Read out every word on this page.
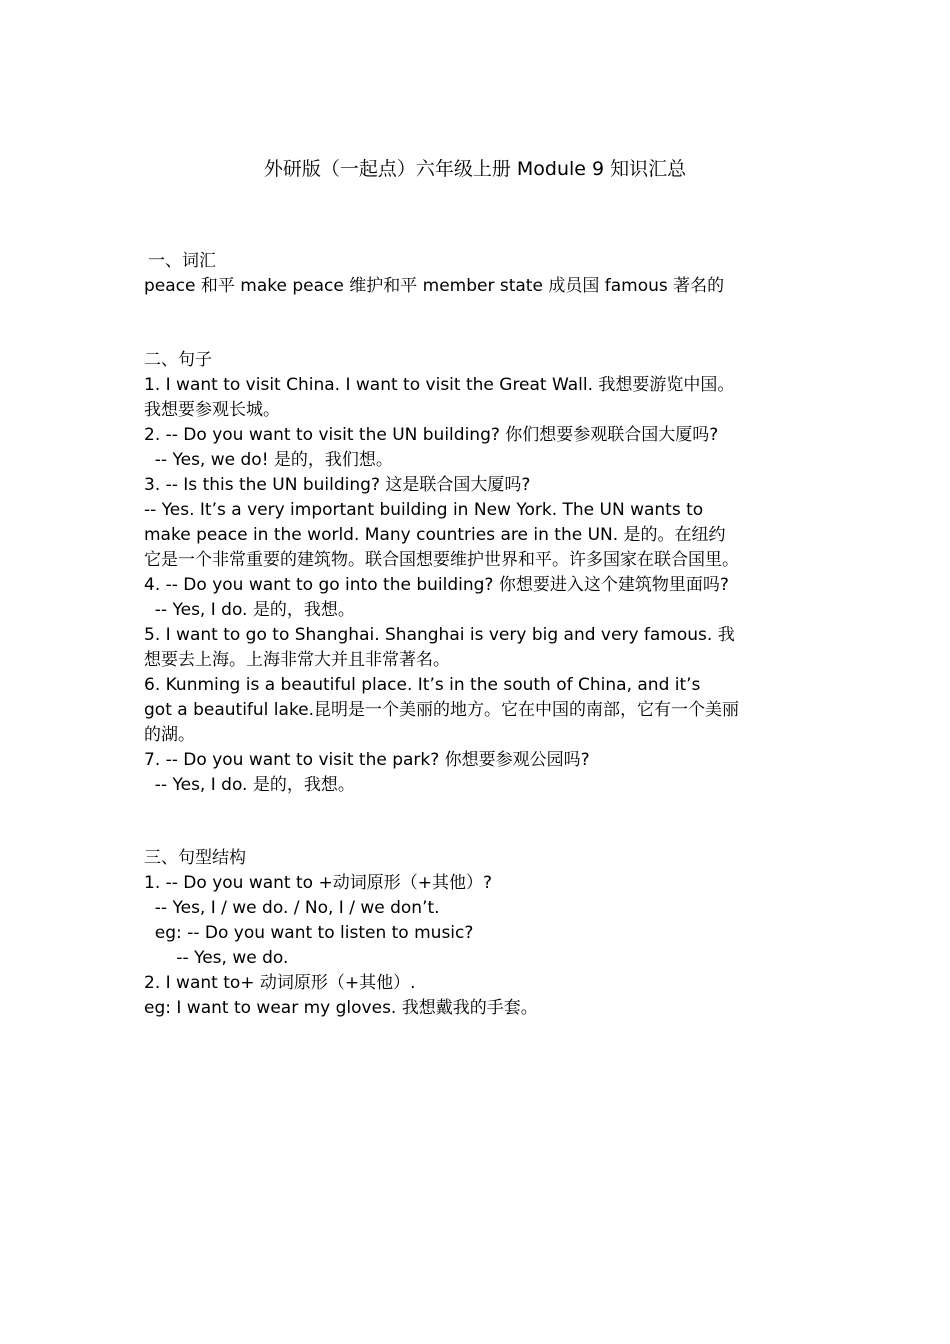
外研版（一起点）六年级上册 Module 9 知识汇总
一、词汇
peace 和平 make peace 维护和平 member state 成员国 famous 著名的
二、句子
1. I want to visit China. I want to visit the Great Wall. 我想要游览中国。
我想要参观长城。
2. -- Do you want to visit the UN building? 你们想要参观联合国大厦吗?
-- Yes, we do! 是的，我们想。
3. -- Is this the UN building? 这是联合国大厦吗?
-- Yes. It’s a very important building in New York. The UN wants to
make peace in the world. Many countries are in the UN. 是的。在纽约
它是一个非常重要的建筑物。联合国想要维护世界和平。许多国家在联合国里。
4. -- Do you want to go into the building? 你想要进入这个建筑物里面吗?
-- Yes, I do. 是的，我想。
5. I want to go to Shanghai. Shanghai is very big and very famous. 我
想要去上海。上海非常大并且非常著名。
6. Kunming is a beautiful place. It’s in the south of China, and it’s
got a beautiful lake.昆明是一个美丽的地方。它在中国的南部，它有一个美丽
的湖。
7. -- Do you want to visit the park? 你想要参观公园吗?
-- Yes, I do. 是的，我想。
三、句型结构
1. -- Do you want to +动词原形（+其他）?
-- Yes, I / we do. / No, I / we don’t.
eg: -- Do you want to listen to music?
-- Yes, we do.
2. I want to+ 动词原形（+其他）.
eg: I want to wear my gloves. 我想戴我的手套。
